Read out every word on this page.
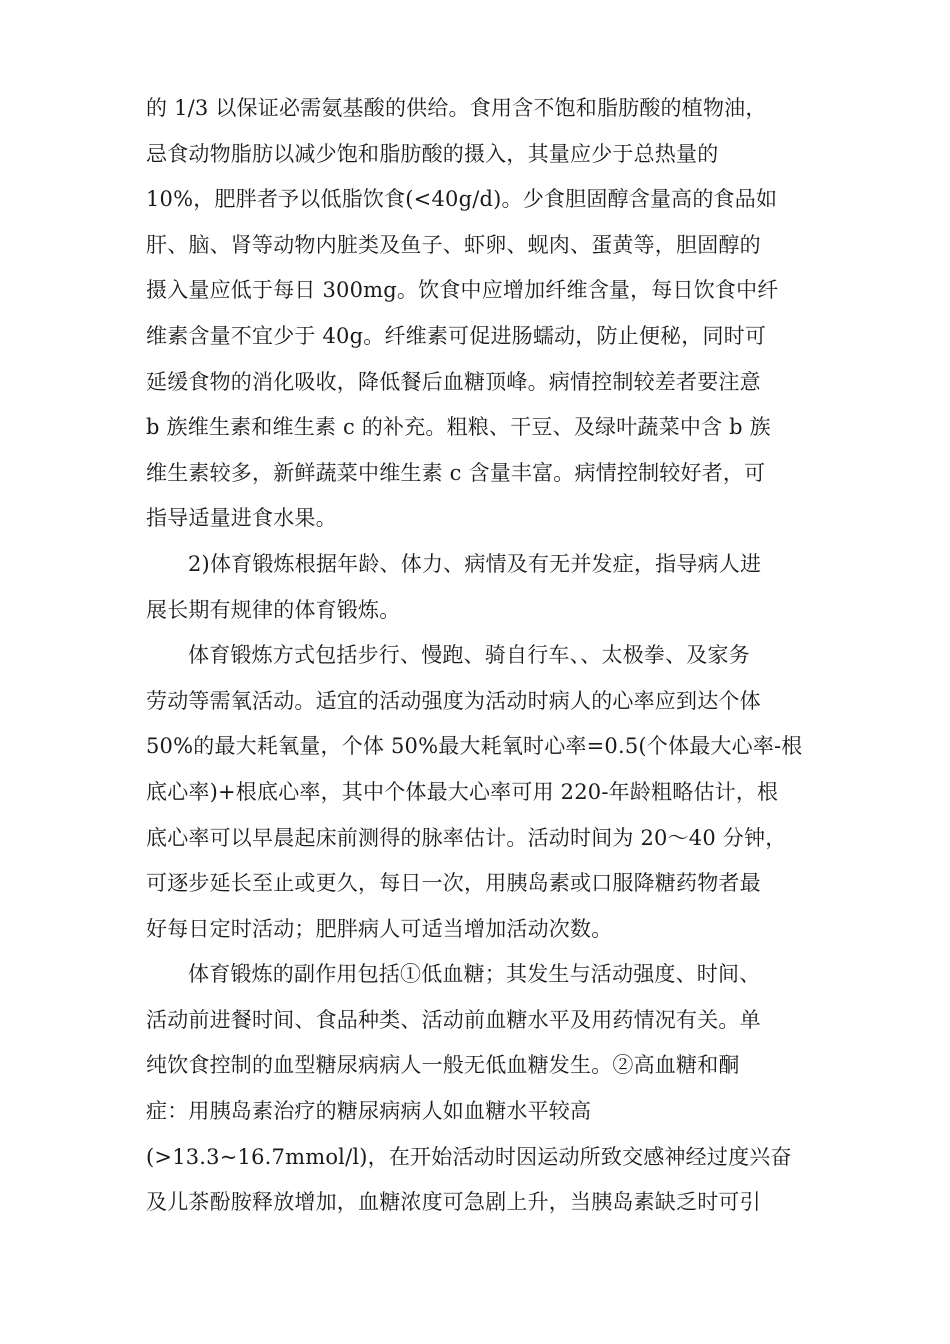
的 1/3 以保证必需氨基酸的供给。食用含不饱和脂肪酸的植物油，
忌食动物脂肪以减少饱和脂肪酸的摄入，其量应少于总热量的
10%，肥胖者予以低脂饮食(<40g/d)。少食胆固醇含量高的食品如
肝、脑、肾等动物内脏类及鱼子、虾卵、蚬肉、蛋黄等，胆固醇的
摄入量应低于每日 300mg。饮食中应增加纤维含量，每日饮食中纤
维素含量不宜少于 40g。纤维素可促进肠蠕动，防止便秘，同时可
延缓食物的消化吸收，降低餐后血糖顶峰。病情控制较差者要注意
b 族维生素和维生素 c 的补充。粗粮、干豆、及绿叶蔬菜中含 b 族
维生素较多，新鲜蔬菜中维生素 c 含量丰富。病情控制较好者，可
指导适量进食水果。
2)体育锻炼根据年龄、体力、病情及有无并发症，指导病人进
展长期有规律的体育锻炼。
体育锻炼方式包括步行、慢跑、骑自行车、、太极拳、及家务
劳动等需氧活动。适宜的活动强度为活动时病人的心率应到达个体
50%的最大耗氧量，个体 50%最大耗氧时心率=0.5(个体最大心率-根
底心率)+根底心率，其中个体最大心率可用 220-年龄粗略估计，根
底心率可以早晨起床前测得的脉率估计。活动时间为 20～40 分钟，
可逐步延长至止或更久，每日一次，用胰岛素或口服降糖药物者最
好每日定时活动；肥胖病人可适当增加活动次数。
体育锻炼的副作用包括①低血糖；其发生与活动强度、时间、
活动前进餐时间、食品种类、活动前血糖水平及用药情况有关。单
纯饮食控制的血型糖尿病病人一般无低血糖发生。②高血糖和酮
症：用胰岛素治疗的糖尿病病人如血糖水平较高
(>13.3~16.7mmol/l)，在开始活动时因运动所致交感神经过度兴奋
及儿茶酚胺释放增加，血糖浓度可急剧上升，当胰岛素缺乏时可引
